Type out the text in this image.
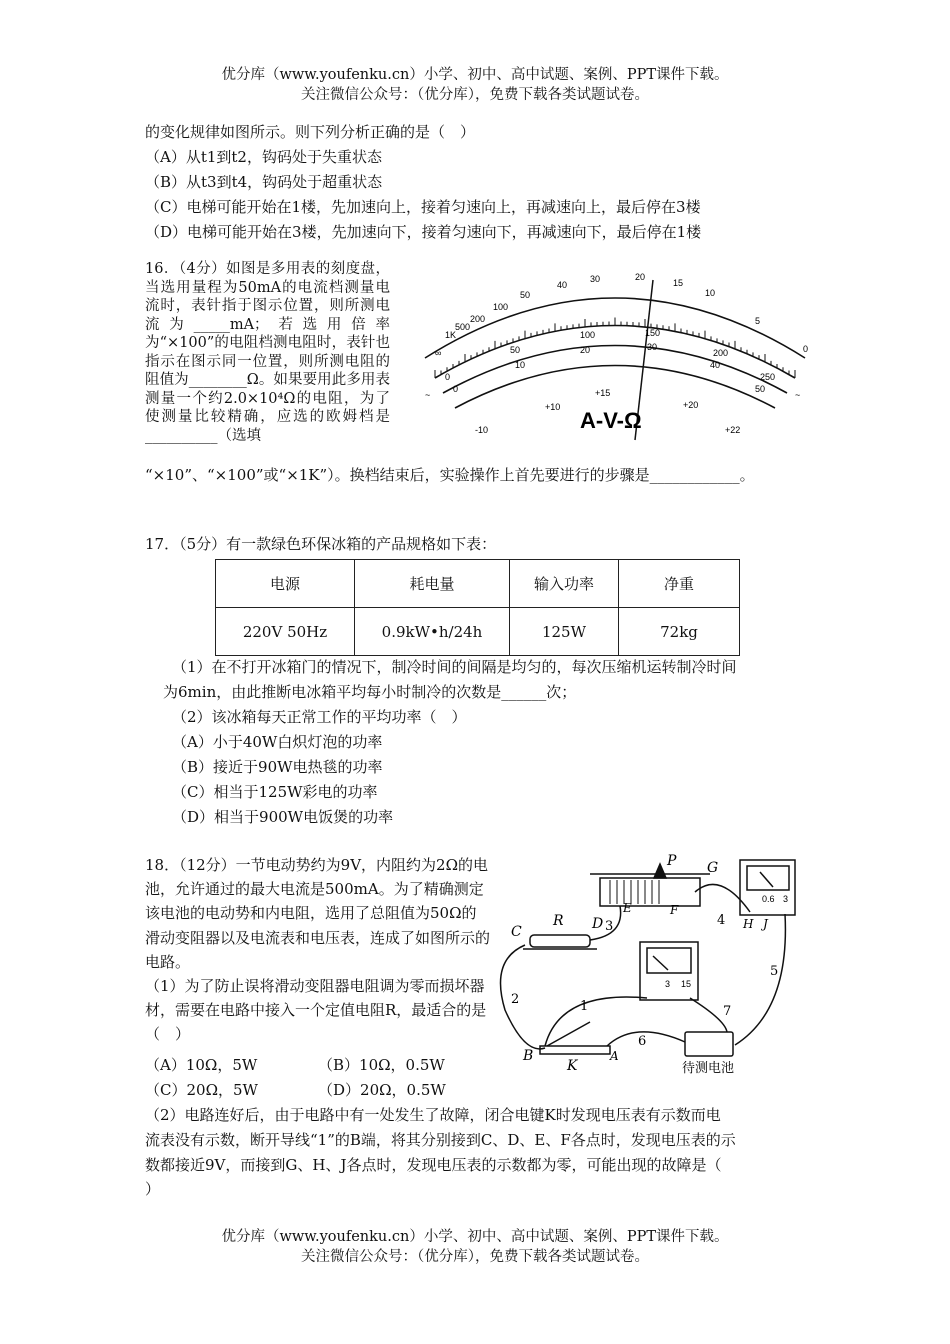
优分库（www.youfenku.cn）小学、初中、高中试题、案例、PPT课件下载。
关注微信公众号：（优分库），免费下载各类试题试卷。
的变化规律如图所示。则下列分析正确的是（　）
（A）从t1到t2，钩码处于失重状态
（B）从t3到t4，钩码处于超重状态
（C）电梯可能开始在1楼，先加速向上，接着匀速向上，再减速向上，最后停在3楼
（D）电梯可能开始在3楼，先加速向下，接着匀速向下，再减速向下，最后停在1楼
16．（4分）如图是多用表的刻度盘，当选用量程为50mA的电流档测量电流时，表针指于图示位置，则所测电流为_____mA；若选用倍率为“×100”的电阻档测电阻时，表针也指示在图示同一位置，则所测电阻的阻值为________Ω。如果要用此多用表测量一个约2.0×10⁴Ω的电阻，为了使测量比较精确，应选的欧姆档是__________（选填
“×10”、“×100”或“×1K”）。换档结束后，实验操作上首先要进行的步骤是____________。
A-V-Ω
∞
1K
500
200
100
50
40
30	20
15
10
5
0
0
50
100	150
200
250
0
10
20	30
40
50
-10
+10
+15
+20
+22
~	~
17．（5分）有一款绿色环保冰箱的产品规格如下表：
电源	耗电量	输入功率	净重
220V 50Hz	0.9kW•h/24h	125W	72kg
（1）在不打开冰箱门的情况下，制冷时间的间隔是均匀的，每次压缩机运转制冷时间
为6min，由此推断电冰箱平均每小时制冷的次数是______次；
（2）该冰箱每天正常工作的平均功率（　）
（A）小于40W白炽灯泡的功率
（B）接近于90W电热毯的功率
（C）相当于125W彩电的功率
（D）相当于900W电饭煲的功率
18．（12分）一节电动势约为9V，内阻约为2Ω的电池，允许通过的最大电流是500mA。为了精确测定该电池的电动势和内电阻，选用了总阻值为50Ω的滑动变阻器以及电流表和电压表，连成了如图所示的电路。
（1）为了防止误将滑动变阻器电阻调为零而损坏器材，需要在电路中接入一个定值电阻R，最适合的是（　）
（A）10Ω，5W	（B）10Ω，0.5W
（C）20Ω，5W	（D）20Ω，0.5W
（2）电路连好后，由于电路中有一处发生了故障，闭合电键K时发现电压表有示数而电
流表没有示数，断开导线“1”的B端，将其分别接到C、D、E、F各点时，发现电压表的示
数都接近9V，而接到G、H、J各点时，发现电压表的示数都为零，可能出现的故障是（
）
P G
E	F
R D
C	H J
B
K
A
1
2
3	4
5
6
7
0.6 3
3 15
待测电池
优分库（www.youfenku.cn）小学、初中、高中试题、案例、PPT课件下载。
关注微信公众号：（优分库），免费下载各类试题试卷。
